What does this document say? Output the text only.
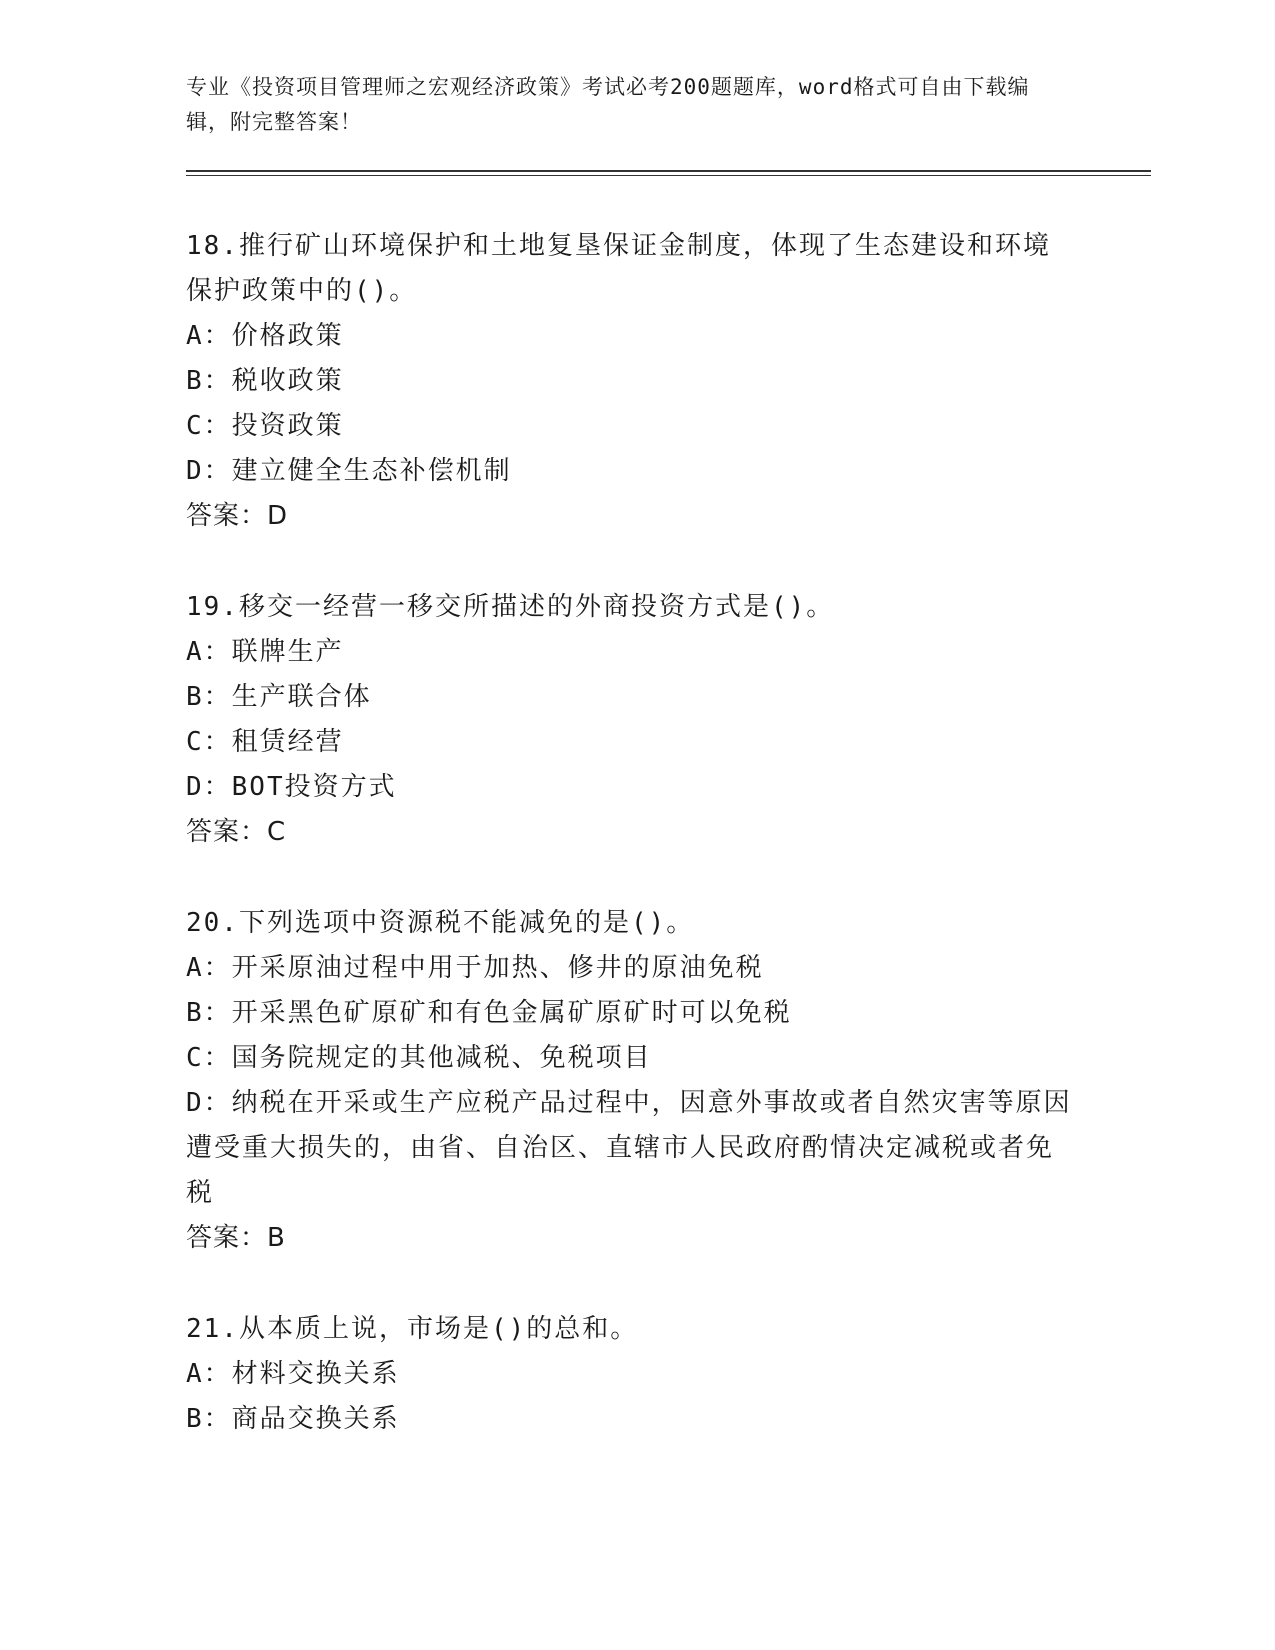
专业《投资项目管理师之宏观经济政策》考试必考200题题库，word格式可自由下载编辑，附完整答案！
18.推行矿山环境保护和土地复垦保证金制度，体现了生态建设和环境保护政策中的()。
A：价格政策
B：税收政策
C：投资政策
D：建立健全生态补偿机制
答案：D
19.移交一经营一移交所描述的外商投资方式是()。
A：联牌生产
B：生产联合体
C：租赁经营
D：BOT投资方式
答案：C
20.下列选项中资源税不能减免的是()。
A：开采原油过程中用于加热、修井的原油免税
B：开采黑色矿原矿和有色金属矿原矿时可以免税
C：国务院规定的其他减税、免税项目
D：纳税在开采或生产应税产品过程中，因意外事故或者自然灾害等原因遭受重大损失的，由省、自治区、直辖市人民政府酌情决定减税或者免税
答案：B
21.从本质上说，市场是()的总和。
A：材料交换关系
B：商品交换关系
